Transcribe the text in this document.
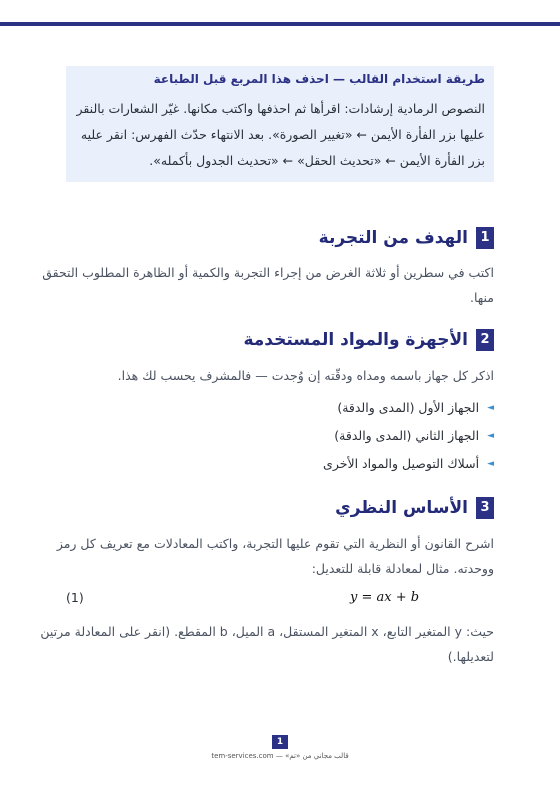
طريقة استخدام القالب — احذف هذا المربع قبل الطباعة
النصوص الرمادية إرشادات: اقرأها ثم احذفها واكتب مكانها. غيّر الشعارات بالنقر
عليها بزر الفأرة الأيمن ← «تغيير الصورة». بعد الانتهاء حدّث الفهرس: انقر عليه
بزر الفأرة الأيمن ← «تحديث الحقل» ← «تحديث الجدول بأكمله».
1
الهدف من التجربة
اكتب في سطرين أو ثلاثة الغرض من إجراء التجربة والكمية أو الظاهرة المطلوب التحقق
منها.
2
الأجهزة والمواد المستخدمة
اذكر كل جهاز باسمه ومداه ودقّته إن وُجدت — فالمشرف يحسب لك هذا.
◄
الجهاز الأول (المدى والدقة)
◄
الجهاز الثاني (المدى والدقة)
◄
أسلاك التوصيل والمواد الأخرى
3
الأساس النظري
اشرح القانون أو النظرية التي تقوم عليها التجربة، واكتب المعادلات مع تعريف كل رمز
ووحدته. مثال لمعادلة قابلة للتعديل:
(1)	y = ax + b
حيث: y المتغير التابع، x المتغير المستقل، a الميل، b المقطع. (انقر على المعادلة مرتين
لتعديلها.)
1
قالب مجاني من «تم» — tem-services.com
